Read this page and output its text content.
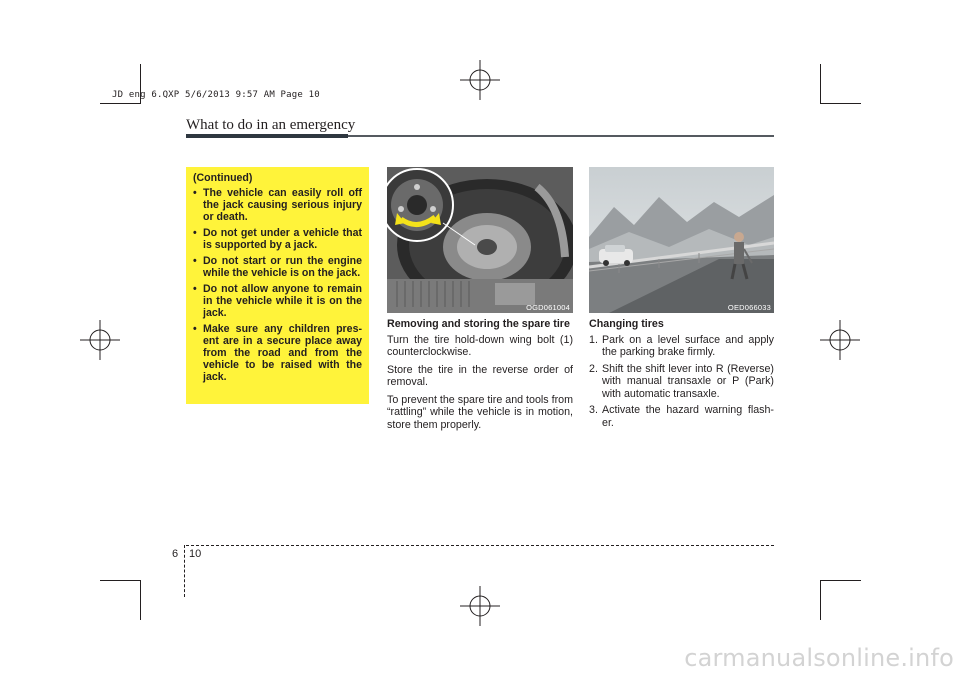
JD eng 6.QXP 5/6/2013 9:57 AM Page 10
What to do in an emergency
(Continued)
• The vehicle can easily roll off the jack causing serious injury or death.
• Do not get under a vehicle that is supported by a jack.
• Do not start or run the engine while the vehicle is on the jack.
• Do not allow anyone to remain in the vehicle while it is on the jack.
• Make sure any children pres- ent are in a secure place away from the road and from the vehicle to be raised with the jack.
OGD061004	OED066033
Removing and storing the spare tire

Turn the tire hold-down wing bolt (1) counterclockwise.

Store the tire in the reverse order of removal.

To prevent the spare tire and tools from “rattling” while the vehicle is in motion, store them properly.

Changing tires
1. Park on a level surface and apply the parking brake firmly.
2. Shift the shift lever into R (Reverse) with manual transaxle or P (Park) with automatic transaxle.
3. Activate the hazard warning flash- er.
6 10
carmanualsonline.info
